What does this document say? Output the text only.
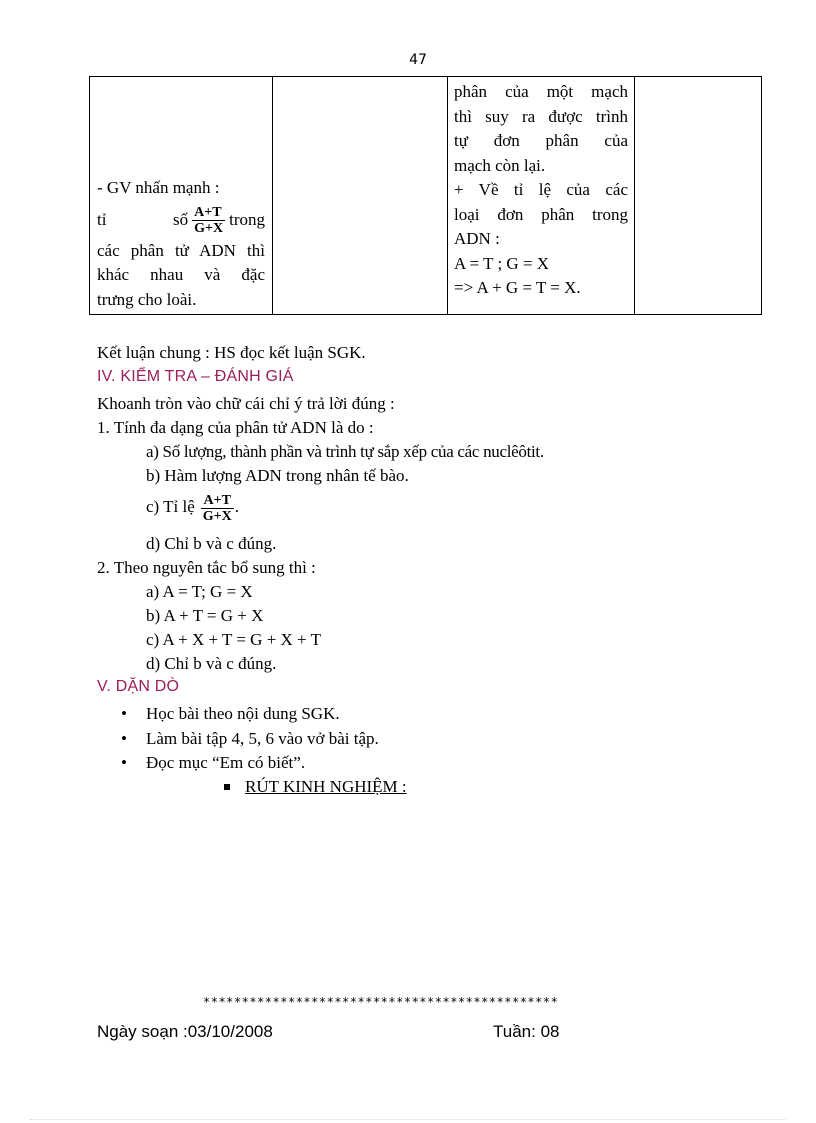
47
- GV nhấn mạnh :
tỉ số $\frac{A+T}{G+X}$ trong
các phân tử ADN thì
khác nhau và đặc
trưng cho loài.

phân của một mạch
thì suy ra được trình
tự đơn phân của
mạch còn lại.
+ Về tỉ lệ của các
loại đơn phân trong
ADN :
A = T ; G = X
=> A + G = T = X.

Kết luận chung : HS đọc kết luận SGK.
IV. KIỂM TRA – ĐÁNH GIÁ
Khoanh tròn vào chữ cái chỉ ý trả lời đúng :
1. Tính đa dạng của phân tử ADN là do :
a) Số lượng, thành phần và trình tự sắp xếp của các nuclêôtit.
b) Hàm lượng ADN trong nhân tế bào.
c) Tỉ lệ $\frac{A+T}{G+X}$ .
d) Chỉ b và c đúng.
2. Theo nguyên tắc bổ sung thì :
a) A = T; G = X
b) A + T = G + X
c) A + X + T = G + X + T
d) Chỉ b và c đúng.
V. DẶN DÒ
• Học bài theo nội dung SGK.
• Làm bài tập 4, 5, 6 vào vở bài tập.
• Đọc mục “Em có biết”.
RÚT KINH NGHIỆM :
**********************************************
Ngày soạn :03/10/2008	Tuần: 08
